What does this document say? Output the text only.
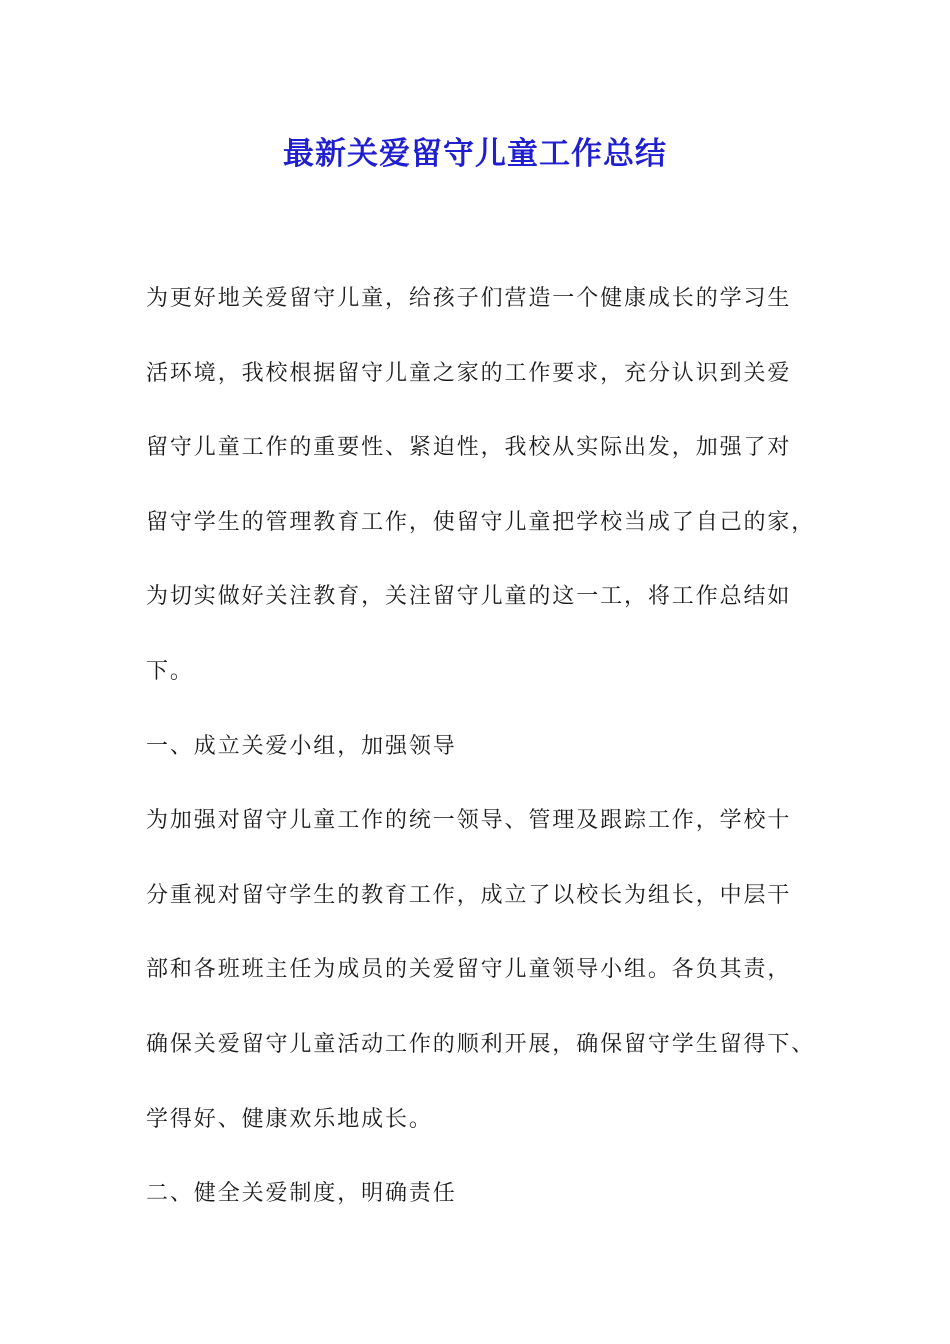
最新关爱留守儿童工作总结
为更好地关爱留守儿童，给孩子们营造一个健康成长的学习生
活环境，我校根据留守儿童之家的工作要求，充分认识到关爱
留守儿童工作的重要性、紧迫性，我校从实际出发，加强了对
留守学生的管理教育工作，使留守儿童把学校当成了自己的家，
为切实做好关注教育，关注留守儿童的这一工，将工作总结如
下。
一、成立关爱小组，加强领导
为加强对留守儿童工作的统一领导、管理及跟踪工作，学校十
分重视对留守学生的教育工作，成立了以校长为组长，中层干
部和各班班主任为成员的关爱留守儿童领导小组。各负其责，
确保关爱留守儿童活动工作的顺利开展，确保留守学生留得下、
学得好、健康欢乐地成长。
二、健全关爱制度，明确责任
